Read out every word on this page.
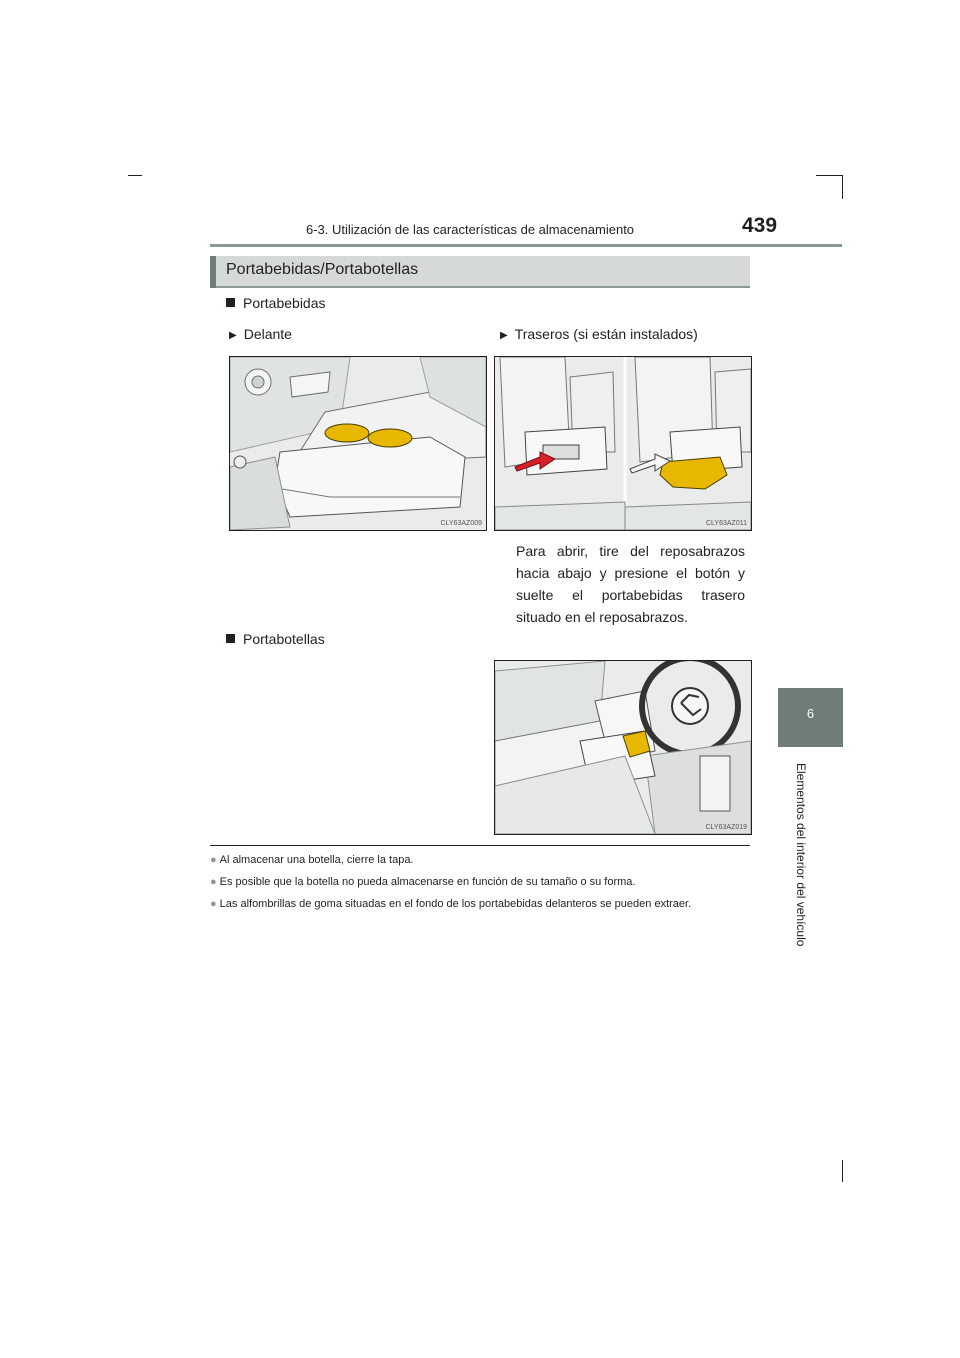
6-3. Utilización de las características de almacenamiento	439
6
Elementos del interior del vehículo
Portabebidas/Portabotellas
Portabebidas
▶ Delante	▶ Traseros (si están instalados)
CLY63AZ009	CLY63AZ011
Para abrir, tire del reposabrazos hacia abajo y presione el botón y suelte el portabebidas trasero situado en el reposabrazos.
Portabotellas
CLY63AZ019
● Al almacenar una botella, cierre la tapa.
● Es posible que la botella no pueda almacenarse en función de su tamaño o su forma.
● Las alfombrillas de goma situadas en el fondo de los portabebidas delanteros se pueden extraer.
